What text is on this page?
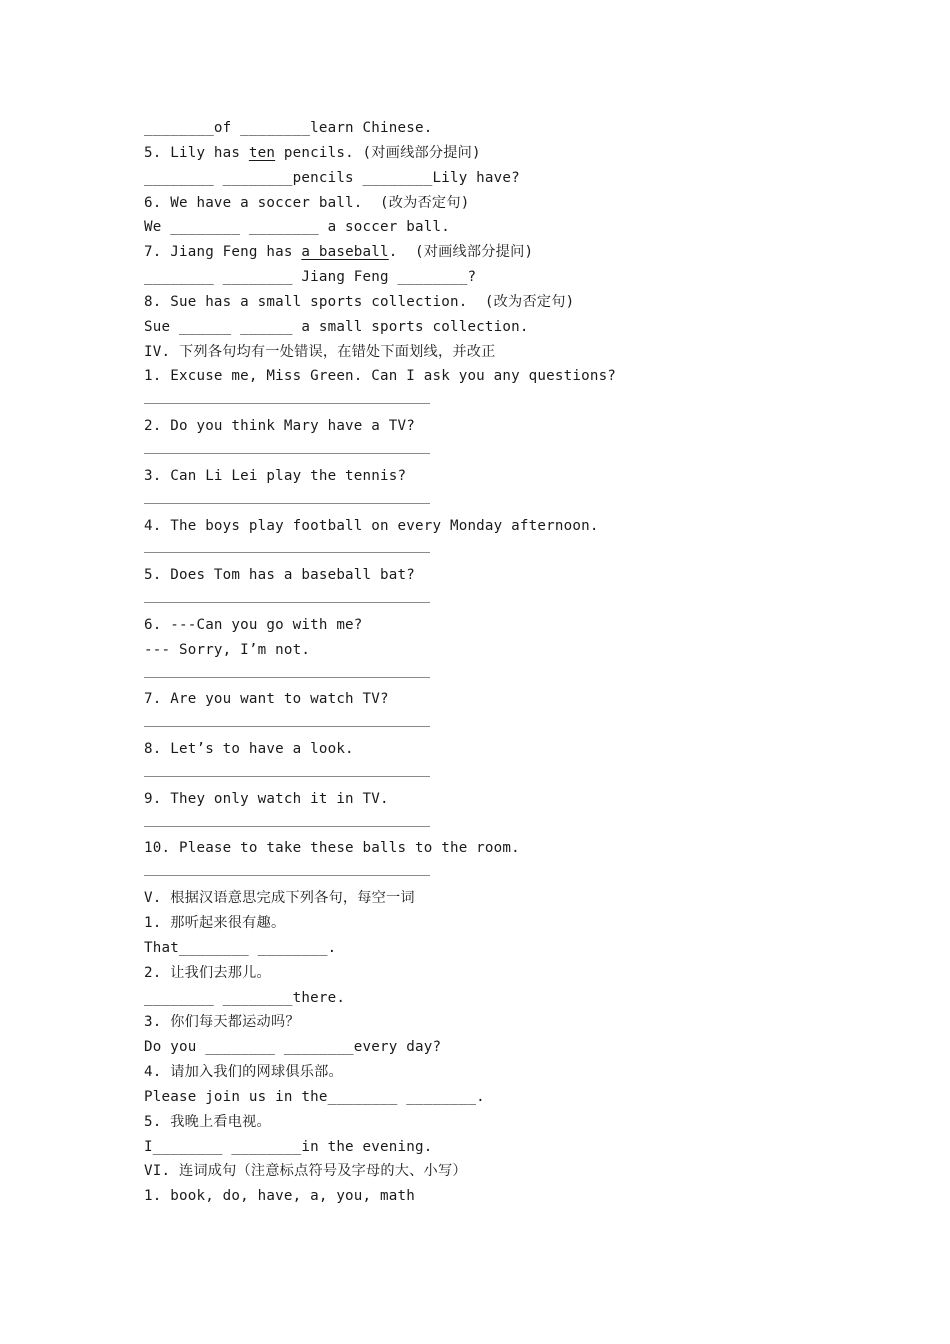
________of ________learn Chinese.
5. Lily has ten pencils. (对画线部分提问)
________ ________pencils ________Lily have?
6. We have a soccer ball.  (改为否定句)
We ________ ________ a soccer ball.
7. Jiang Feng has a baseball.  (对画线部分提问)
________ ________ Jiang Feng ________?
8. Sue has a small sports collection.  (改为否定句)
Sue ______ ______ a small sports collection.
IV. 下列各句均有一处错误，在错处下面划线，并改正
1. Excuse me, Miss Green. Can I ask you any questions?
2. Do you think Mary have a TV?
3. Can Li Lei play the tennis?
4. The boys play football on every Monday afternoon.
5. Does Tom has a baseball bat?
6. ---Can you go with me?
--- Sorry, I’m not.
7. Are you want to watch TV?
8. Let’s to have a look.
9. They only watch it in TV.
10. Please to take these balls to the room.
V. 根据汉语意思完成下列各句，每空一词
1. 那听起来很有趣。
That________ ________.
2. 让我们去那儿。
________ ________there.
3. 你们每天都运动吗？
Do you ________ ________every day?
4. 请加入我们的网球俱乐部。
Please join us in the________ ________.
5. 我晚上看电视。
I________ ________in the evening.
VI. 连词成句（注意标点符号及字母的大、小写）
1. book, do, have, a, you, math
